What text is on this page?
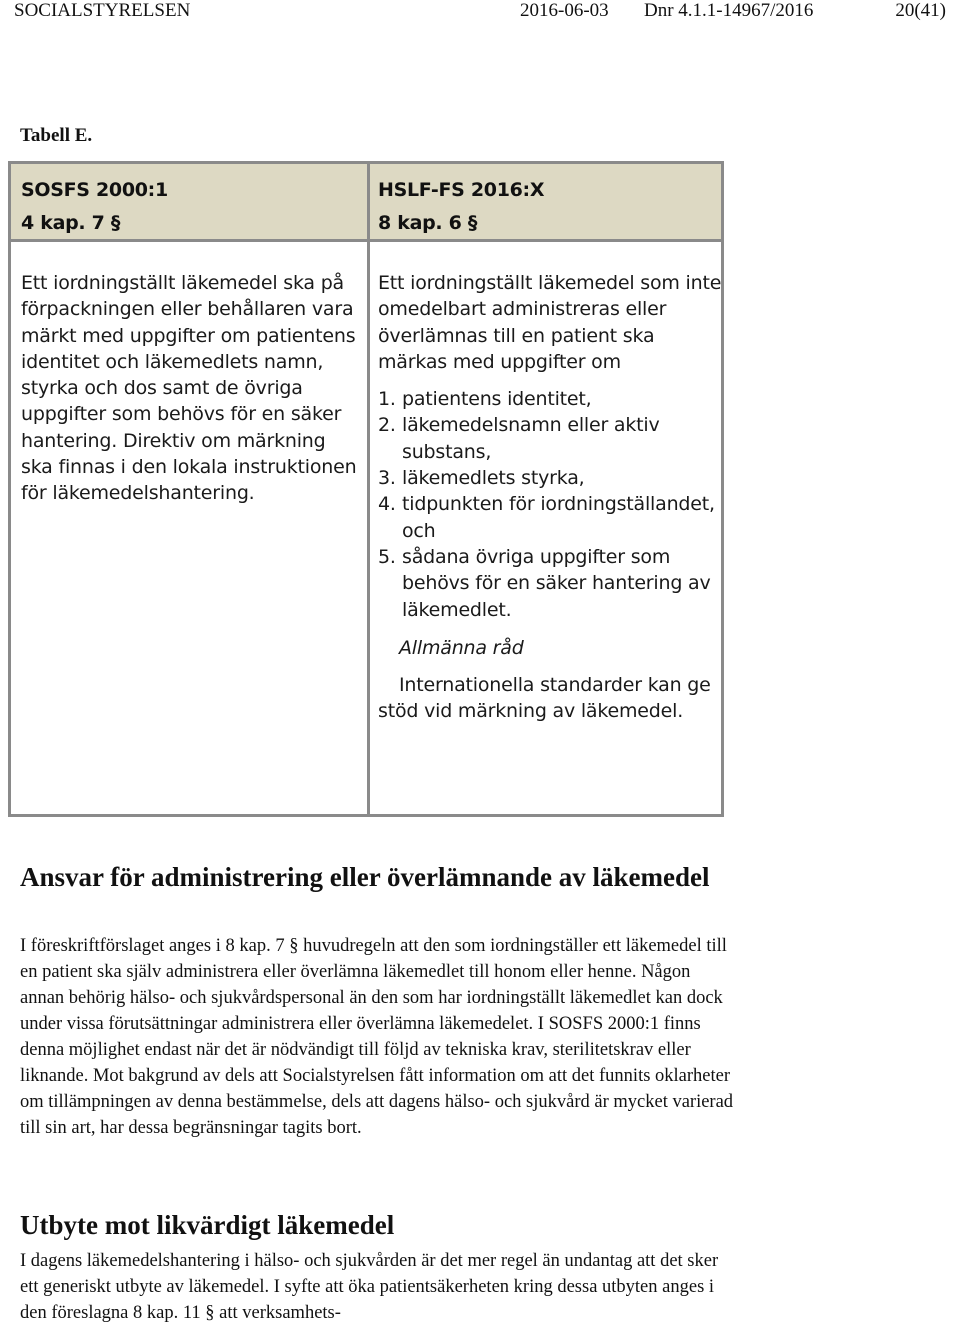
SOCIALSTYRELSEN	2016-06-03 Dnr 4.1.1-14967/2016	20(41)
Tabell E.
SOSFS 2000:1
4 kap. 7 §
HSLF-FS 2016:X
8 kap. 6 §

Ett iordningställt läkemedel ska på förpackningen eller behållaren vara märkt med uppgifter om patientens identitet och läkemedlets namn, styrka och dos samt de övriga uppgifter som behövs för en säker hantering. Direktiv om märkning ska finnas i den lokala instruktionen för läkemedelshantering.

Ett iordningställt läkemedel som inte omedelbart administreras eller överlämnas till en patient ska märkas med uppgifter om

1. patientens identitet,
2. läkemedelsnamn eller aktiv substans,
3. läkemedlets styrka,
4. tidpunkten för iordningställandet, och
5. sådana övriga uppgifter som behövs för en säker hantering av läkemedlet.

Allmänna råd

Internationella standarder kan ge stöd vid märkning av läkemedel.

Ansvar för administrering eller överlämnande av läkemedel

I föreskriftförslaget anges i 8 kap. 7 § huvudregeln att den som iordningställer ett läkemedel till en patient ska själv administrera eller överlämna läkemedlet till honom eller henne. Någon annan behörig hälso- och sjukvårdspersonal än den som har iordningställt läkemedlet kan dock under vissa förutsättningar administrera eller överlämna läkemedelet. I SOSFS 2000:1 finns denna möjlighet endast när det är nödvändigt till följd av tekniska krav, sterilitetskrav eller liknande. Mot bakgrund av dels att Socialstyrelsen fått information om att det funnits oklarheter om tillämpningen av denna bestämmelse, dels att dagens hälso- och sjukvård är mycket varierad till sin art, har dessa begränsningar tagits bort.

Utbyte mot likvärdigt läkemedel

I dagens läkemedelshantering i hälso- och sjukvården är det mer regel än undantag att det sker ett generiskt utbyte av läkemedel. I syfte att öka patientsäkerheten kring dessa utbyten anges i den föreslagna 8 kap. 11 § att verksamhets-
